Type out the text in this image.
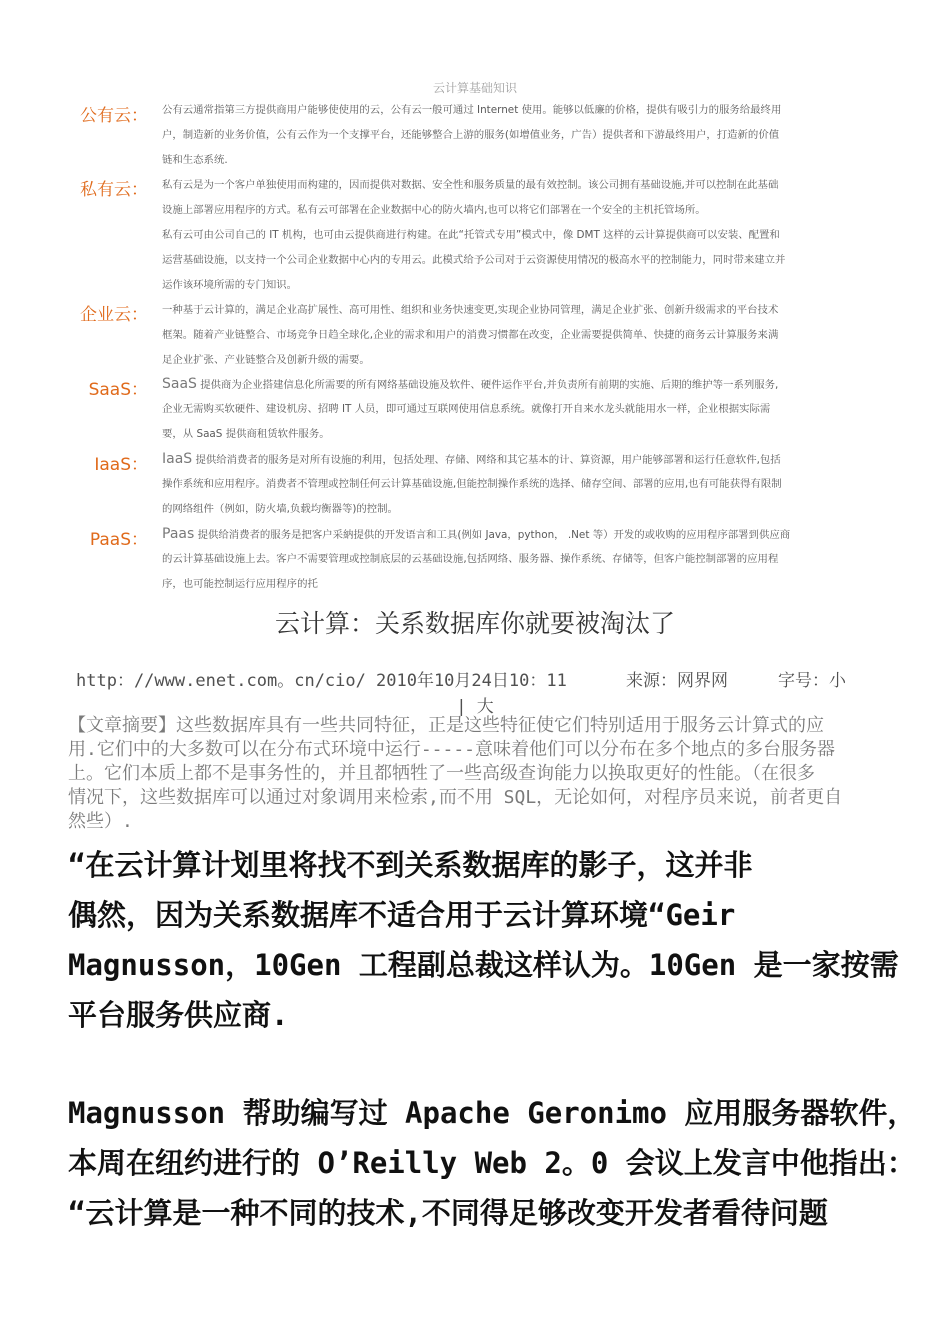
云计算基础知识
公有云： 公有云通常指第三方提供商用户能够使使用的云，公有云一般可通过 Internet 使用。能够以低廉的价格，提供有吸引力的服务给最终用
户，制造新的业务价值，公有云作为一个支撑平台，还能够整合上游的服务(如增值业务，广告）提供者和下游最终用户，打造新的价值
链和生态系统.
私有云： 私有云是为一个客户单独使用而构建的，因而提供对数据、安全性和服务质量的最有效控制。该公司拥有基础设施,并可以控制在此基础
设施上部署应用程序的方式。私有云可部署在企业数据中心的防火墙内,也可以将它们部署在一个安全的主机托管场所。
私有云可由公司自己的 IT 机构，也可由云提供商进行构建。在此“托管式专用”模式中，像 DMT 这样的云计算提供商可以安装、配置和
运营基础设施，以支持一个公司企业数据中心内的专用云。此模式给予公司对于云资源使用情况的极高水平的控制能力，同时带来建立并
运作该环境所需的专门知识。
企业云： 一种基于云计算的，满足企业高扩展性、高可用性、组织和业务快速变更,实现企业协同管理，满足企业扩张、创新升级需求的平台技术
框架。随着产业链整合、市场竞争日趋全球化,企业的需求和用户的消费习惯都在改变，企业需要提供简单、快捷的商务云计算服务来满
足企业扩张、产业链整合及创新升级的需要。
SaaS： SaaS 提供商为企业搭建信息化所需要的所有网络基础设施及软件、硬件运作平台,并负责所有前期的实施、后期的维护等一系列服务,
企业无需购买软硬件、建设机房、招聘 IT 人员，即可通过互联网使用信息系统。就像打开自来水龙头就能用水一样，企业根据实际需
要，从 SaaS 提供商租赁软件服务。
IaaS： IaaS 提供给消费者的服务是对所有设施的利用，包括处理、存储、网络和其它基本的计、算资源，用户能够部署和运行任意软件,包括
操作系统和应用程序。消费者不管理或控制任何云计算基础设施,但能控制操作系统的选择、储存空间、部署的应用,也有可能获得有限制
的网络组件（例如，防火墙,负载均衡器等)的控制。
PaaS： Paas 提供给消费者的服务是把客户采納提供的开发语言和工具(例如 Java，python， .Net 等）开发的或收购的应用程序部署到供应商
的云计算基础设施上去。客户不需要管理或控制底层的云基础设施,包括网络、服务器、操作系统、存储等，但客户能控制部署的应用程
序，也可能控制运行应用程序的托
云计算：关系数据库你就要被淘汰了
http：//www.enet.com。cn/cio/ 2010年10月24日10：11	来源：网界网	字号：小
| 大
【文章摘要】这些数据库具有一些共同特征，正是这些特征使它们特别适用于服务云计算式的应
用.它们中的大多数可以在分布式环境中运行-----意味着他们可以分布在多个地点的多台服务器
上。它们本质上都不是事务性的，并且都牺牲了一些高级查询能力以换取更好的性能。（在很多
情况下，这些数据库可以通过对象调用来检索,而不用 SQL，无论如何，对程序员来说，前者更自
然些）.
“在云计算计划里将找不到关系数据库的影子，这并非
偶然，因为关系数据库不适合用于云计算环境“Geir
Magnusson，10Gen 工程副总裁这样认为。10Gen 是一家按需
平台服务供应商.
Magnusson 帮助编写过 Apache Geronimo 应用服务器软件，
本周在纽约进行的 O’Reilly Web 2。0 会议上发言中他指出：
“云计算是一种不同的技术,不同得足够改变开发者看待问题
